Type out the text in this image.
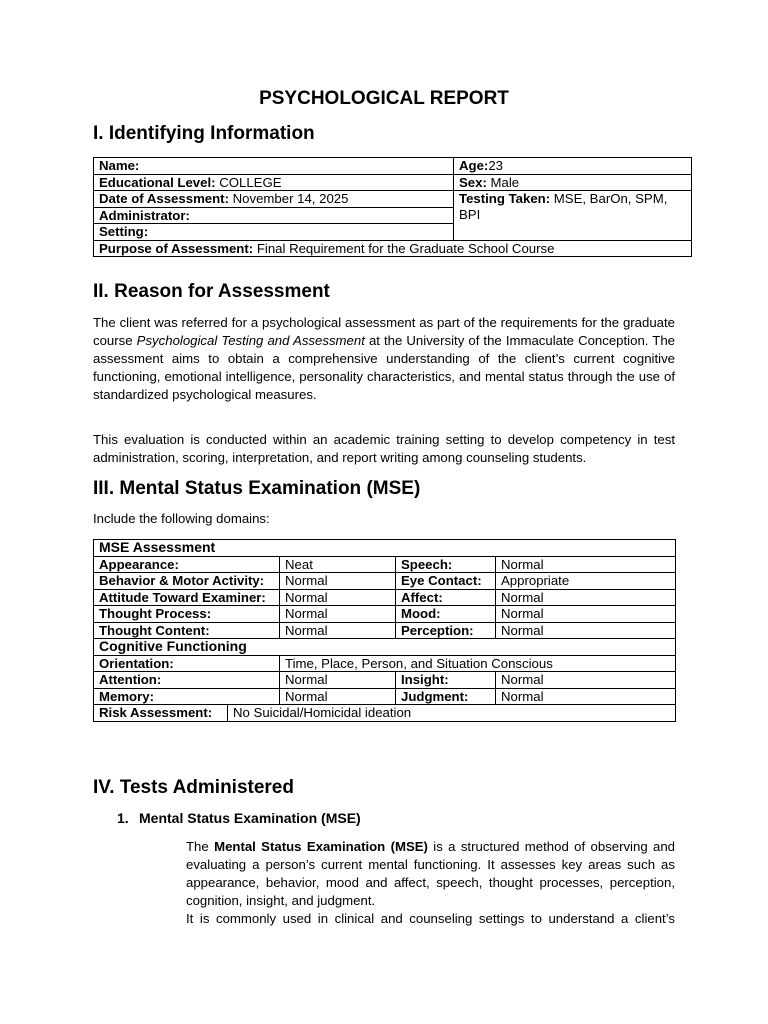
PSYCHOLOGICAL REPORT
I. Identifying Information
Name:	Age:23
Educational Level: COLLEGE	Sex: Male
Date of Assessment: November 14, 2025	Testing Taken: MSE, BarOn, SPM, BPI
Administrator:	
Setting:	
Purpose of Assessment: Final Requirement for the Graduate School Course	
II. Reason for Assessment
The client was referred for a psychological assessment as part of the requirements for the graduate course Psychological Testing and Assessment at the University of the Immaculate Conception. The assessment aims to obtain a comprehensive understanding of the client’s current cognitive functioning, emotional intelligence, personality characteristics, and mental status through the use of standardized psychological measures.
This evaluation is conducted within an academic training setting to develop competency in test administration, scoring, interpretation, and report writing among counseling students.
III. Mental Status Examination (MSE)
Include the following domains:
MSE Assessment
Appearance:	Neat	Speech:	Normal
Behavior & Motor Activity:	Normal	Eye Contact:	Appropriate
Attitude Toward Examiner:	Normal	Affect:	Normal
Thought Process:	Normal	Mood:	Normal
Thought Content:	Normal	Perception:	Normal
Cognitive Functioning
Orientation:	Time, Place, Person, and Situation Conscious
Attention:	Normal	Insight:	Normal
Memory:	Normal	Judgment:	Normal

Risk Assessment:	No Suicidal/Homicidal ideation
IV. Tests Administered
1. Mental Status Examination (MSE)
The Mental Status Examination (MSE) is a structured method of observing and evaluating a person’s current mental functioning. It assesses key areas such as appearance, behavior, mood and affect, speech, thought processes, perception, cognition, insight, and judgment.
It is commonly used in clinical and counseling settings to understand a client’s
